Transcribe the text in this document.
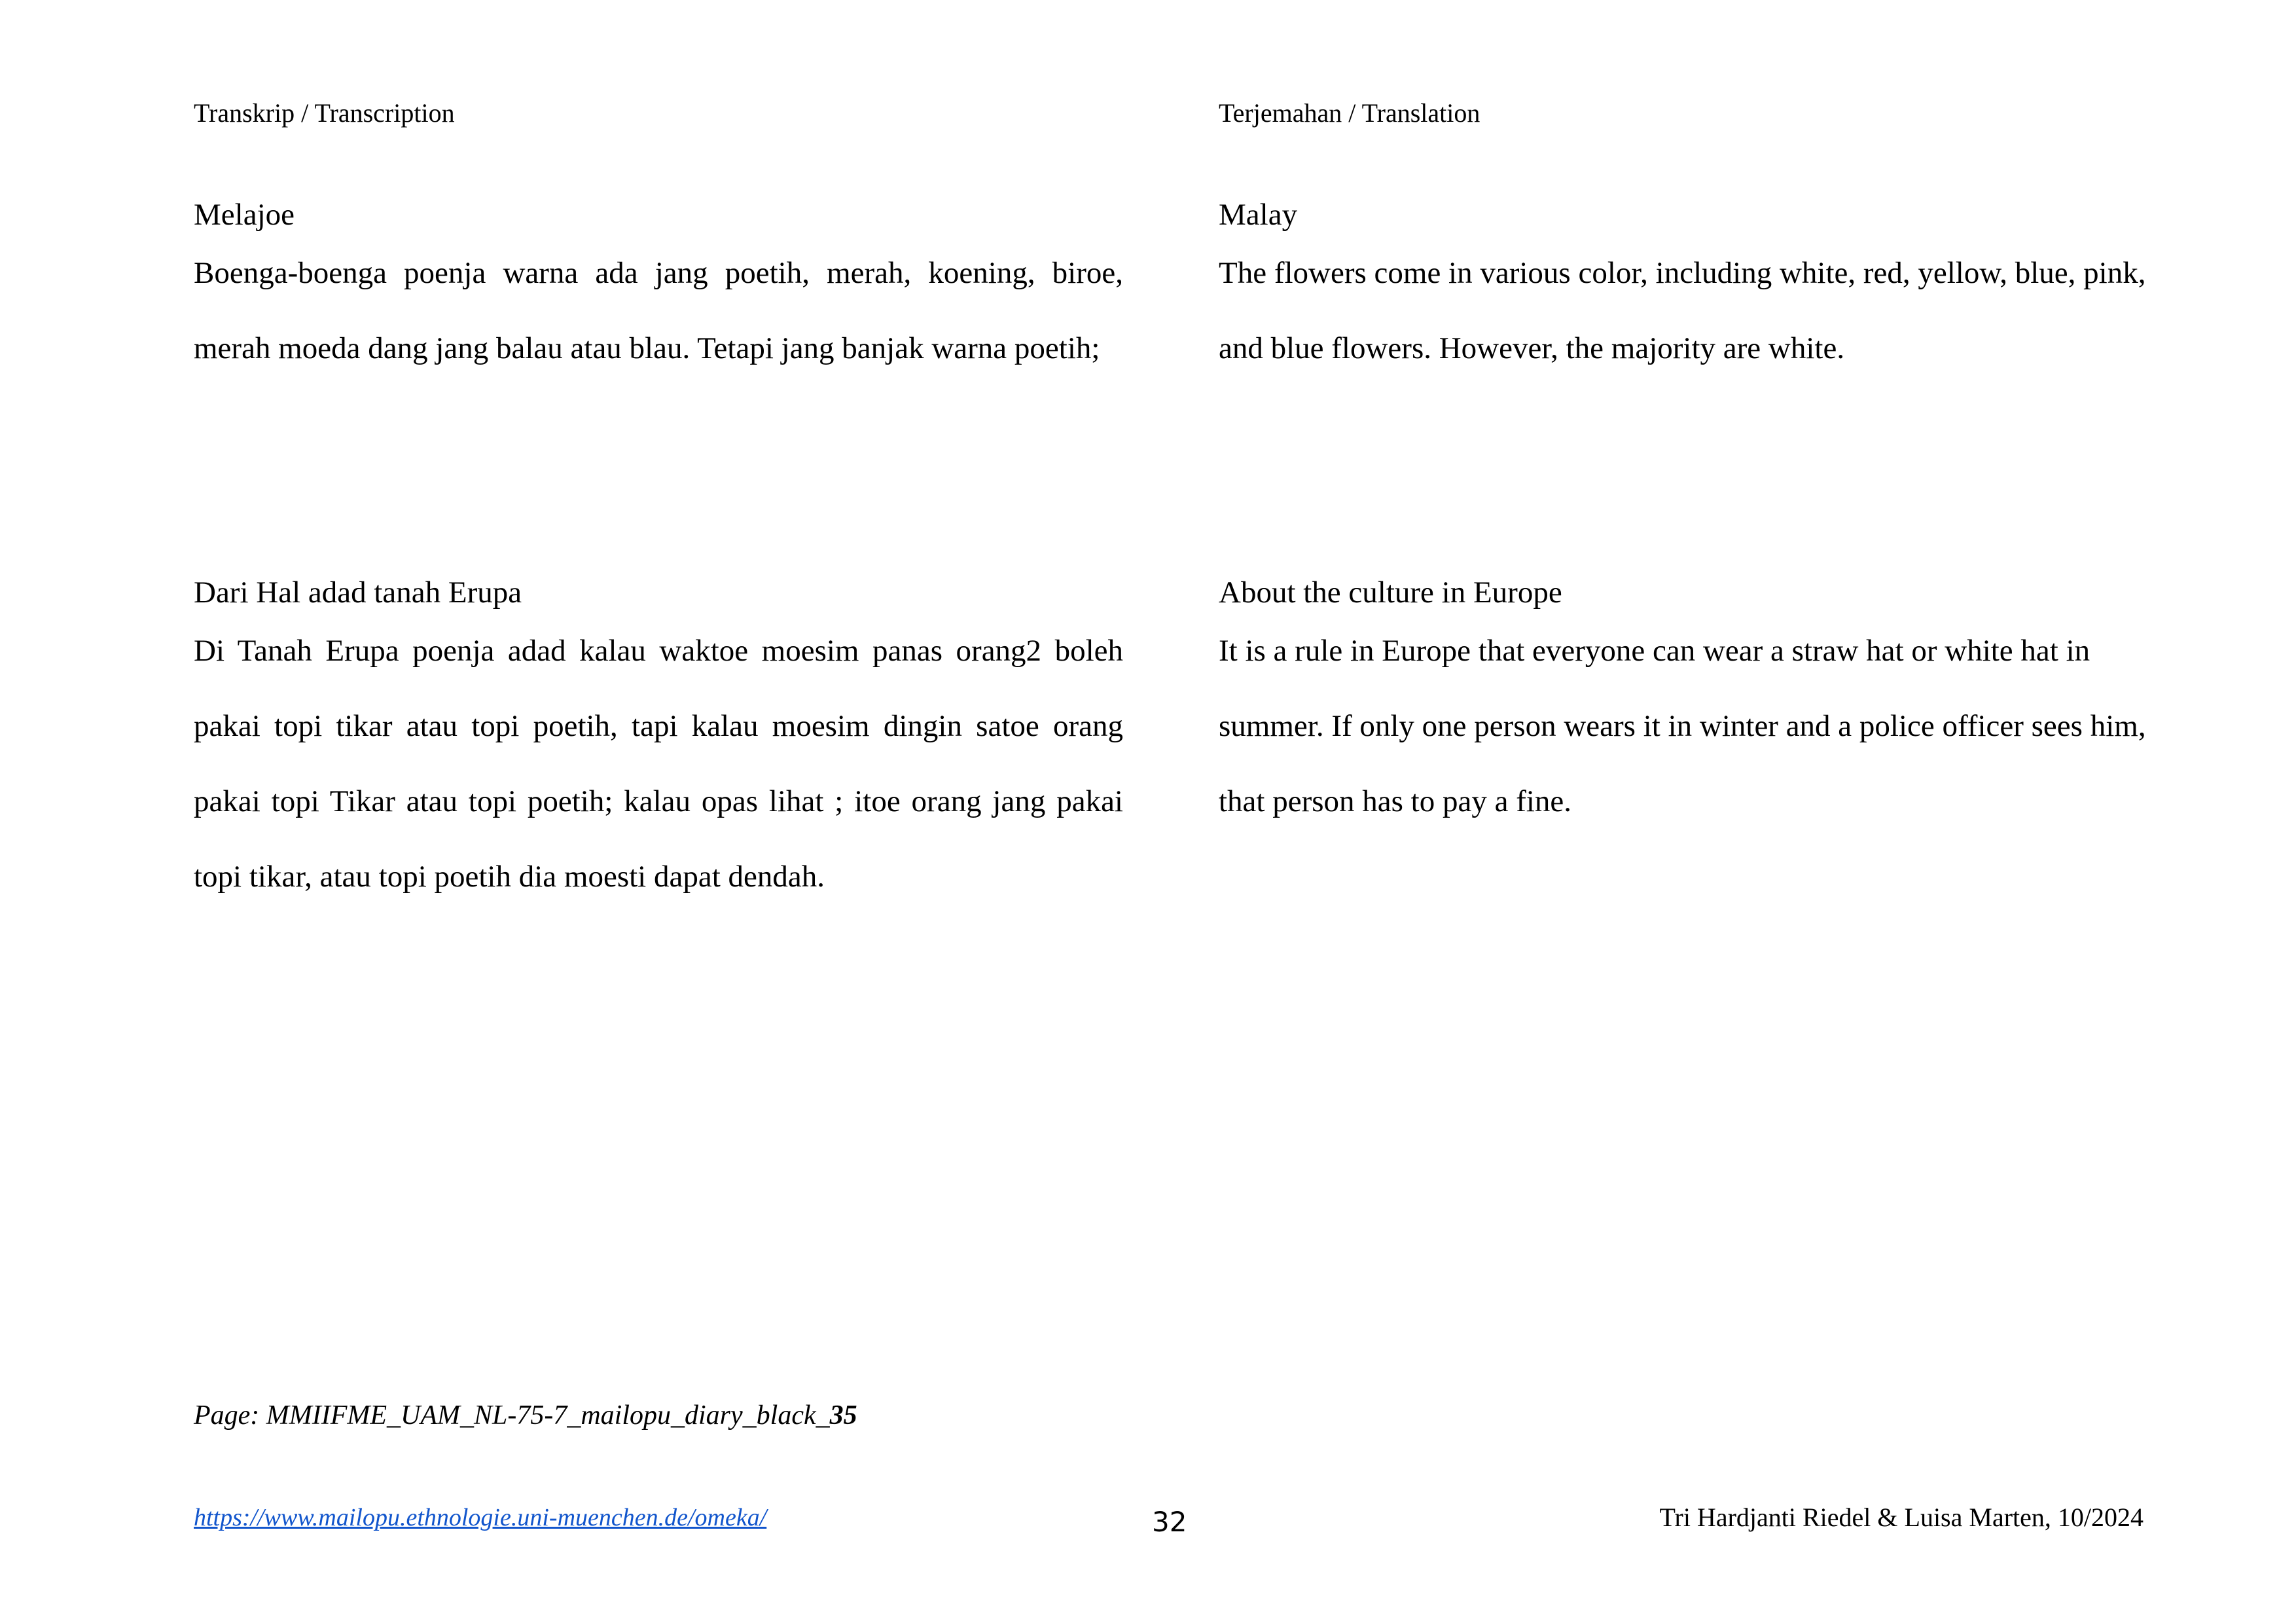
Transkrip / Transcription
Melajoe
Boenga-boenga poenja warna ada jang poetih, merah, koening, biroe, merah moeda dang jang balau atau blau. Tetapi jang banjak warna poetih;
Dari Hal adad tanah Erupa
Di Tanah Erupa poenja adad kalau waktoe moesim panas orang2 boleh pakai topi tikar atau topi poetih, tapi kalau moesim dingin satoe orang pakai topi Tikar atau topi poetih; kalau opas lihat ; itoe orang jang pakai topi tikar, atau topi poetih dia moesti dapat dendah.
Terjemahan / Translation
Malay
The flowers come in various color, including white, red, yellow, blue, pink, and blue flowers. However, the majority are white.
About the culture in Europe
It is a rule in Europe that everyone can wear a straw hat or white hat in summer. If only one person wears it in winter and a police officer sees him, that person has to pay a fine.
Page: MMIIFME_UAM_NL-75-7_mailopu_diary_black_35
https://www.mailopu.ethnologie.uni-muenchen.de/omeka/	32	Tri Hardjanti Riedel & Luisa Marten, 10/2024
